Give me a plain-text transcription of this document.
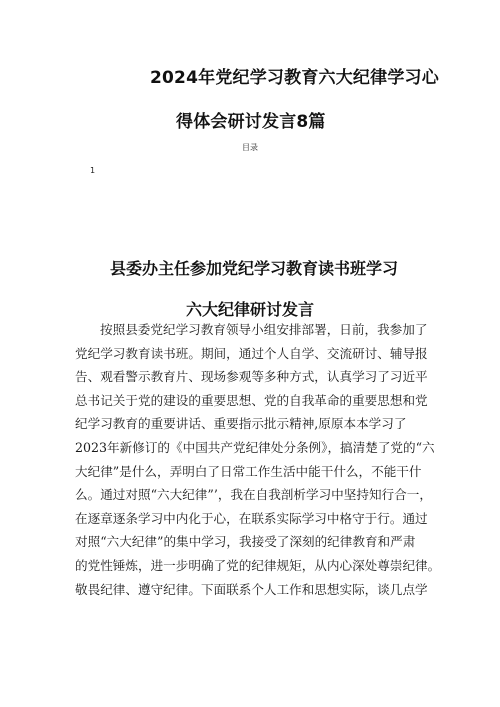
2024年党纪学习教育六大纪律学习心
得体会研讨发言8篇
目录
1
县委办主任参加党纪学习教育读书班学习
六大纪律研讨发言
按照县委党纪学习教育领导小组安排部署，日前，我参加了
党纪学习教育读书班。期间，通过个人自学、交流研讨、辅导报
告、观看警示教育片、现场参观等多种方式，认真学习了习近平
总书记关于党的建设的重要思想、党的自我革命的重要思想和党
纪学习教育的重要讲话、重要指示批示精神,原原本本学习了
2023年新修订的《中国共产党纪律处分条例》，搞清楚了党的“六
大纪律”是什么，弄明白了日常工作生活中能干什么，不能干什
么。通过对照“六大纪律”’，我在自我剖析学习中坚持知行合一，
在逐章逐条学习中内化于心，在联系实际学习中格守于行。通过
对照“六大纪律”的集中学习，我接受了深刻的纪律教育和严肃
的党性锤炼，进一步明确了党的纪律规矩，从内心深处尊崇纪律。
敬畏纪律、遵守纪律。下面联系个人工作和思想实际，谈几点学
